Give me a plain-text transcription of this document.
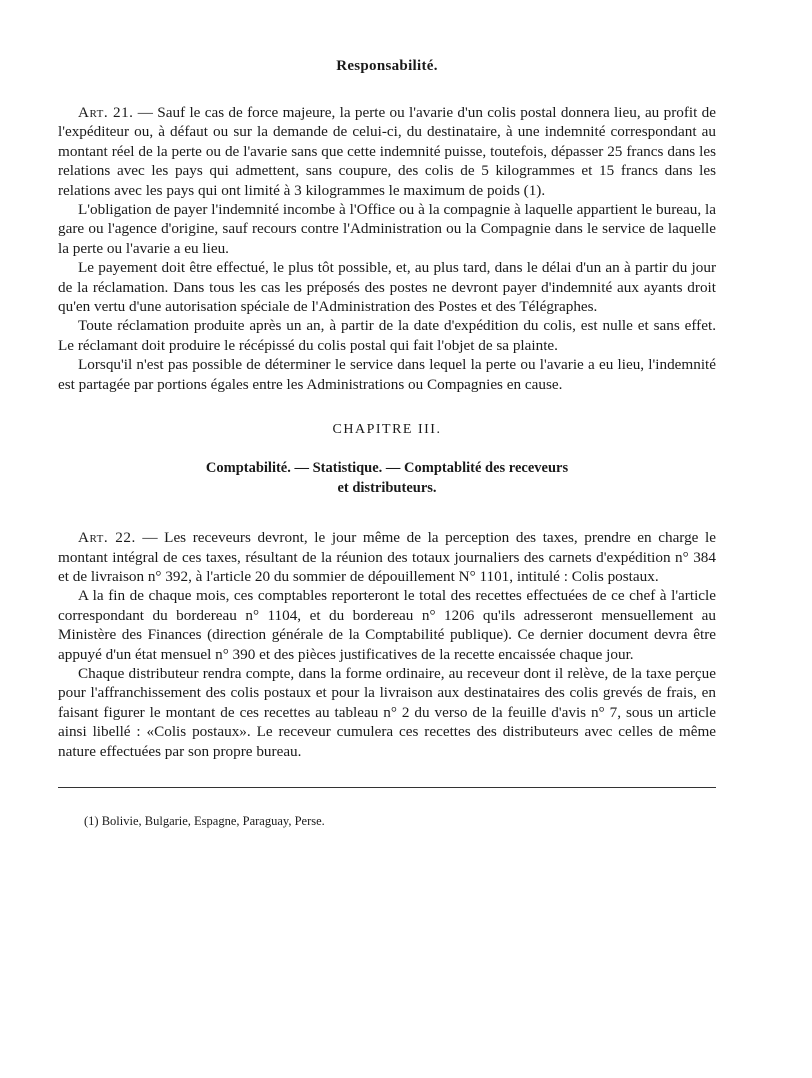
Responsabilité.

Art. 21. — Sauf le cas de force majeure, la perte ou l'avarie d'un colis postal donnera lieu, au profit de l'expéditeur ou, à défaut ou sur la demande de celui-ci, du destinataire, à une indemnité correspondant au montant réel de la perte ou de l'avarie sans que cette indemnité puisse, toutefois, dépasser 25 francs dans les relations avec les pays qui admettent, sans coupure, des colis de 5 kilogrammes et 15 francs dans les relations avec les pays qui ont limité à 3 kilogrammes le maximum de poids (1).

L'obligation de payer l'indemnité incombe à l'Office ou à la compagnie à laquelle appartient le bureau, la gare ou l'agence d'origine, sauf recours contre l'Administration ou la Compagnie dans le service de laquelle la perte ou l'avarie a eu lieu.

Le payement doit être effectué, le plus tôt possible, et, au plus tard, dans le délai d'un an à partir du jour de la réclamation. Dans tous les cas les préposés des postes ne devront payer d'indemnité aux ayants droit qu'en vertu d'une autorisation spéciale de l'Administration des Postes et des Télégraphes.

Toute réclamation produite après un an, à partir de la date d'expédition du colis, est nulle et sans effet. Le réclamant doit produire le récépissé du colis postal qui fait l'objet de sa plainte.

Lorsqu'il n'est pas possible de déterminer le service dans lequel la perte ou l'avarie a eu lieu, l'indemnité est partagée par portions égales entre les Administrations ou Compagnies en cause.

CHAPITRE III.
Comptabilité. — Statistique. — Comptablité des receveurs
et distributeurs.

Art. 22. — Les receveurs devront, le jour même de la perception des taxes, prendre en charge le montant intégral de ces taxes, résultant de la réunion des totaux journaliers des carnets d'expédition n° 384 et de livraison n° 392, à l'article 20 du sommier de dépouillement N° 1101, intitulé : Colis postaux.

A la fin de chaque mois, ces comptables reporteront le total des recettes effectuées de ce chef à l'article correspondant du bordereau n° 1104, et du bordereau n° 1206 qu'ils adresseront mensuellement au Ministère des Finances (direction générale de la Comptabilité publique). Ce dernier document devra être appuyé d'un état mensuel n° 390 et des pièces justificatives de la recette encaissée chaque jour.

Chaque distributeur rendra compte, dans la forme ordinaire, au receveur dont il relève, de la taxe perçue pour l'affranchissement des colis postaux et pour la livraison aux destinataires des colis grevés de frais, en faisant figurer le montant de ces recettes au tableau n° 2 du verso de la feuille d'avis n° 7, sous un article ainsi libellé : «Colis postaux». Le receveur cumulera ces recettes des distributeurs avec celles de même nature effectuées par son propre bureau.

(1) Bolivie, Bulgarie, Espagne, Paraguay, Perse.
